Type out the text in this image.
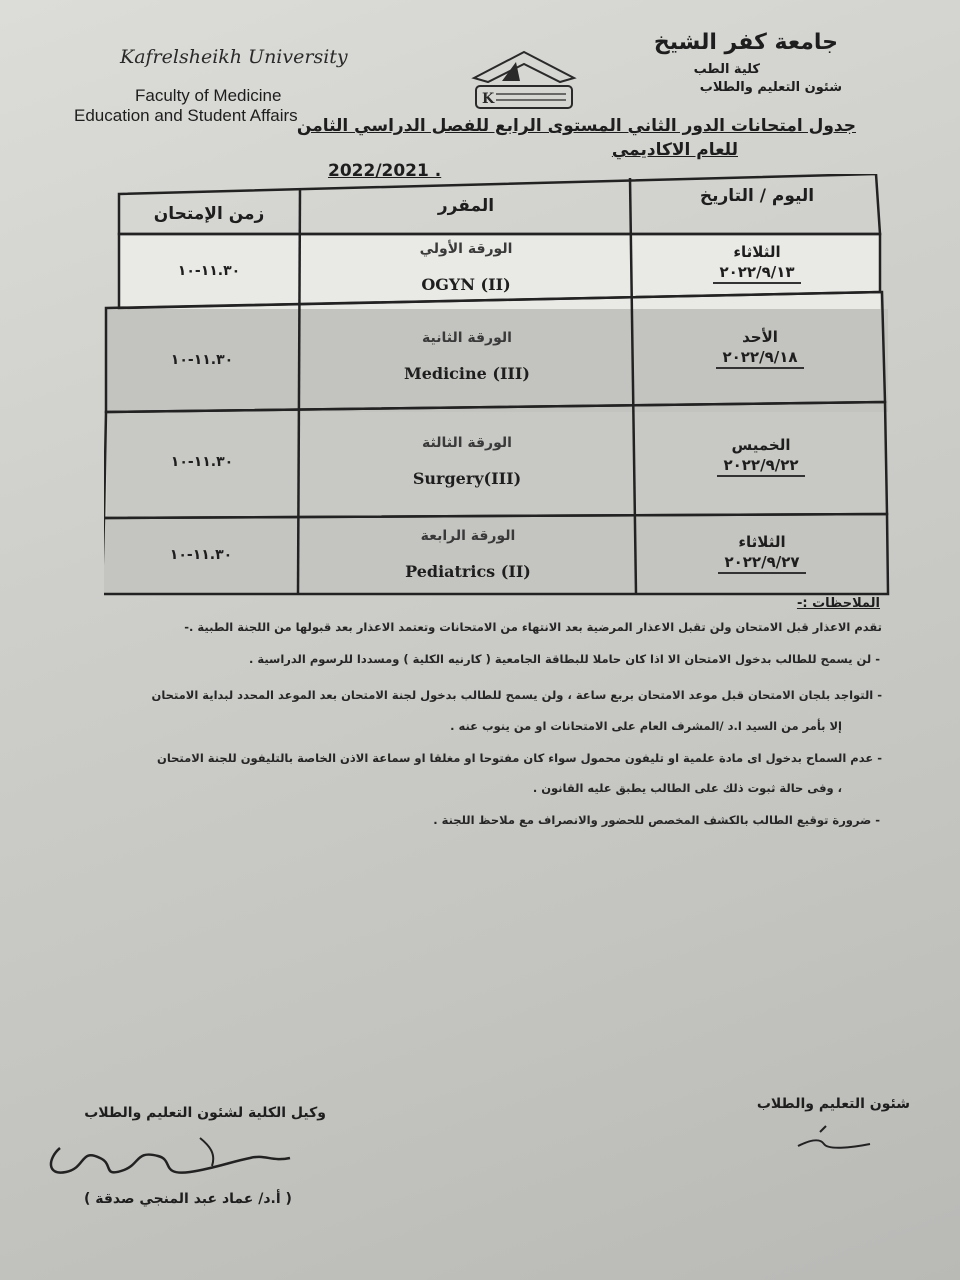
Kafrelsheikh University
Faculty of Medicine
Education and Student Affairs
K
جامعة كفر الشيخ
كلية الطب
شئون التعليم والطلاب
جدول امتحانات الدور الثاني المستوى الرابع للفصل الدراسي الثامن
للعام الاكاديمي
2022/2021 .
زمن الإمتحان	المقرر	اليوم / التاريخ
١١.٣٠-١٠
الورقة الأولي
OGYN (II)
الثلاثاء
٢٠٢٢/٩/١٣
١١.٣٠-١٠
الورقة الثانية
Medicine (III)
الأحد
٢٠٢٢/٩/١٨
١١.٣٠-١٠
الورقة الثالثة
Surgery(III)
الخميس
٢٠٢٢/٩/٢٢
١١.٣٠-١٠
الورقة الرابعة
Pediatrics (II)
الثلاثاء
٢٠٢٢/٩/٢٧
الملاحظات :-
تقدم الاعذار قبل الامتحان ولن تقبل الاعذار المرضية بعد الانتهاء من الامتحانات وتعتمد الاعذار بعد قبولها من اللجنة الطبية .-
- لن يسمح للطالب بدخول الامتحان الا اذا كان حاملا للبطاقة الجامعية ( كارنيه الكلية ) ومسددا للرسوم الدراسية .
- التواجد بلجان الامتحان قبل موعد الامتحان بربع ساعة ، ولن يسمح للطالب بدخول لجنة الامتحان بعد الموعد المحدد لبداية الامتحان
إلا بأمر من السيد ا.د /المشرف العام على الامتحانات او من ينوب عنه .
- عدم السماح بدخول اى مادة علمية او تليفون محمول سواء كان مفتوحا او مغلقا او سماعة الاذن الخاصة بالتليفون للجنة الامتحان
، وفى حالة ثبوت ذلك على الطالب يطبق عليه القانون .
- ضرورة توقيع الطالب بالكشف المخصص للحضور والانصراف مع ملاحظ اللجنة .
شئون التعليم والطلاب
وكيل الكلية لشئون التعليم والطلاب
( أ.د/ عماد عبد المنجي صدقة )
